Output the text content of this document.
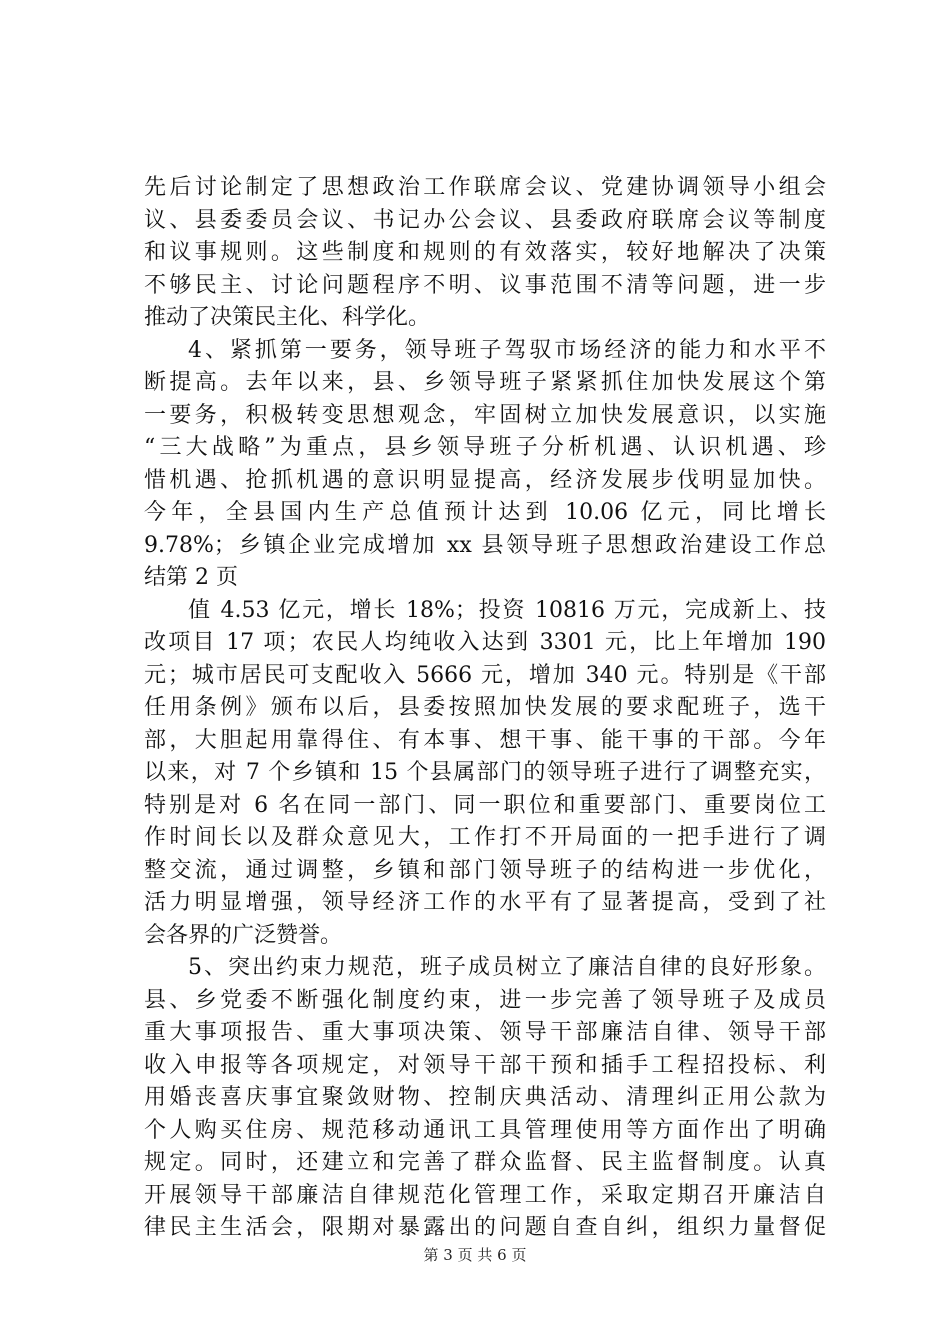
先后讨论制定了思想政治工作联席会议、党建协调领导小组会
议、县委委员会议、书记办公会议、县委政府联席会议等制度
和议事规则。这些制度和规则的有效落实，较好地解决了决策
不够民主、讨论问题程序不明、议事范围不清等问题，进一步
推动了决策民主化、科学化。
4、紧抓第一要务，领导班子驾驭市场经济的能力和水平不
断提高。去年以来，县、乡领导班子紧紧抓住加快发展这个第
一要务，积极转变思想观念，牢固树立加快发展意识，以实施
“三大战略”为重点，县乡领导班子分析机遇、认识机遇、珍
惜机遇、抢抓机遇的意识明显提高，经济发展步伐明显加快。
今年，全县国内生产总值预计达到 10.06 亿元，同比增长
9.78%；乡镇企业完成增加 xx 县领导班子思想政治建设工作总
结第 2 页
值 4.53 亿元，增长 18%；投资 10816 万元，完成新上、技
改项目 17 项；农民人均纯收入达到 3301 元，比上年增加 190
元；城市居民可支配收入 5666 元，增加 340 元。特别是《干部
任用条例》颁布以后，县委按照加快发展的要求配班子，选干
部，大胆起用靠得住、有本事、想干事、能干事的干部。今年
以来，对 7 个乡镇和 15 个县属部门的领导班子进行了调整充实，
特别是对 6 名在同一部门、同一职位和重要部门、重要岗位工
作时间长以及群众意见大，工作打不开局面的一把手进行了调
整交流，通过调整，乡镇和部门领导班子的结构进一步优化，
活力明显增强，领导经济工作的水平有了显著提高，受到了社
会各界的广泛赞誉。
5、突出约束力规范，班子成员树立了廉洁自律的良好形象。
县、乡党委不断强化制度约束，进一步完善了领导班子及成员
重大事项报告、重大事项决策、领导干部廉洁自律、领导干部
收入申报等各项规定，对领导干部干预和插手工程招投标、利
用婚丧喜庆事宜聚敛财物、控制庆典活动、清理纠正用公款为
个人购买住房、规范移动通讯工具管理使用等方面作出了明确
规定。同时，还建立和完善了群众监督、民主监督制度。认真
开展领导干部廉洁自律规范化管理工作，采取定期召开廉洁自
律民主生活会，限期对暴露出的问题自查自纠，组织力量督促
第 3 页 共 6 页
